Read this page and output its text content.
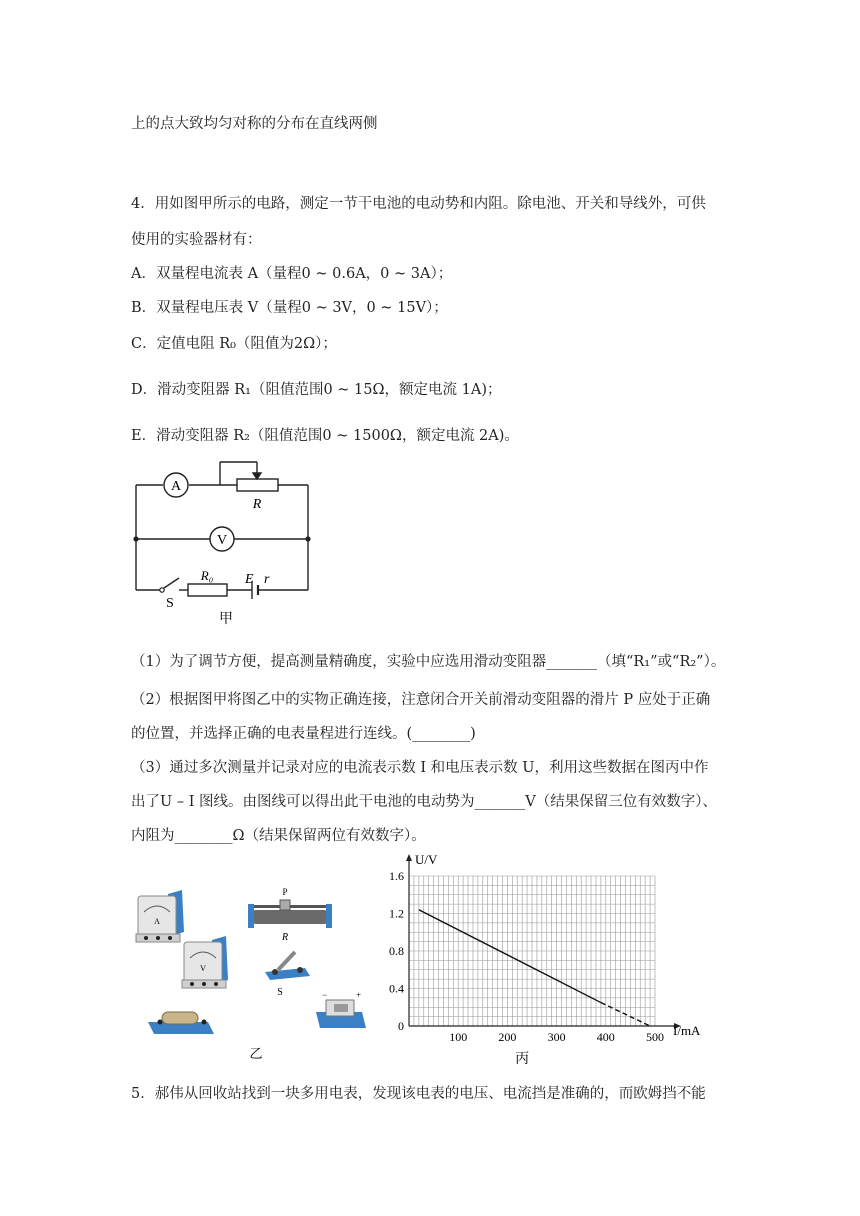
上的点大致均匀对称的分布在直线两侧
4．用如图甲所示的电路，测定一节干电池的电动势和内阻。除电池、开关和导线外，可供
使用的实验器材有：
A．双量程电流表 A（量程0 ~ 0.6A，0 ~ 3A）；
B．双量程电压表 V（量程0 ~ 3V，0 ~ 15V）；
C．定值电阻 R₀（阻值为2Ω）；
D．滑动变阻器 R₁（阻值范围0 ~ 15Ω，额定电流 1A)；
E．滑动变阻器 R₂（阻值范围0 ~ 1500Ω，额定电流 2A)。
A
V
R
R₀ E r
S
甲
（1）为了调节方便，提高测量精确度，实验中应选用滑动变阻器_______（填“R₁”或“R₂”）。
（2）根据图甲将图乙中的实物正确连接，注意闭合开关前滑动变阻器的滑片 P 应处于正确
的位置，并选择正确的电表量程进行连线。(________)
（3）通过多次测量并记录对应的电流表示数 I 和电压表示数 U，利用这些数据在图丙中作
出了U – I 图线。由图线可以得出此干电池的电动势为_______V（结果保留三位有效数字）、
内阻为________Ω（结果保留两位有效数字）。
A
P
R
V
S	−	+
乙
100	200	300	400	500
0
0.4
0.8
1.2
1.6
I/mA
U/V
丙
5．郝伟从回收站找到一块多用电表，发现该电表的电压、电流挡是准确的，而欧姆挡不能
